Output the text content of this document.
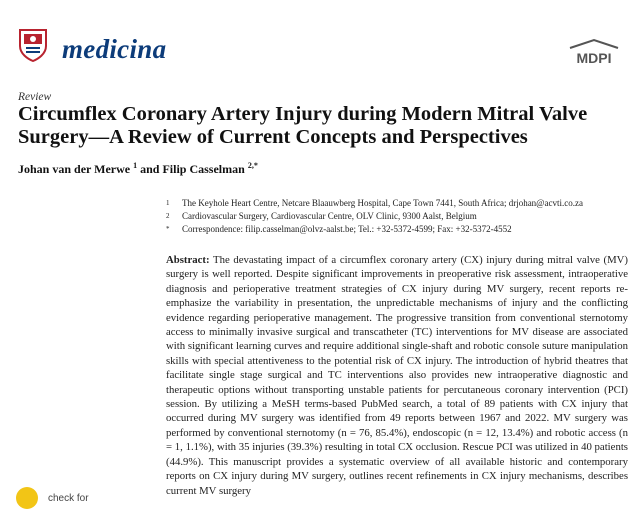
medicina	MDPI
Review
Circumflex Coronary Artery Injury during Modern Mitral Valve Surgery—A Review of Current Concepts and Perspectives
Johan van der Merwe $^1$ and Filip Casselman $^{2,*}$
1	The Keyhole Heart Centre, Netcare Blaauwberg Hospital, Cape Town 7441, South Africa; drjohan@acvti.co.za
2	Cardiovascular Surgery, Cardiovascular Centre, OLV Clinic, 9300 Aalst, Belgium
*	Correspondence: filip.casselman@olvz-aalst.be; Tel.: +32-5372-4599; Fax: +32-5372-4552

Abstract: The devastating impact of a circumflex coronary artery (CX) injury during mitral valve (MV) surgery is well reported. Despite significant improvements in preoperative risk assessment, intraoperative diagnosis and perioperative treatment strategies of CX injury during MV surgery, recent reports re-emphasize the variability in presentation, the unpredictable mechanisms of injury and the conflicting evidence regarding perioperative management. The progressive transition from conventional sternotomy access to minimally invasive surgical and transcatheter (TC) interventions for MV disease are associated with significant learning curves and require additional single-shaft and robotic console suture manipulation skills with special attentiveness to the potential risk of CX injury. The introduction of hybrid theatres that facilitate single stage surgical and TC interventions also provides new intraoperative diagnostic and therapeutic options without transporting unstable patients for percutaneous coronary intervention (PCI) session. By utilizing a MeSH terms-based PubMed search, a total of 89 patients with CX injury that occurred during MV surgery was identified from 49 reports between 1967 and 2022. MV surgery was performed by conventional sternotomy (n = 76, 85.4%), endoscopic (n = 12, 13.4%) and robotic access (n = 1, 1.1%), with 35 injuries (39.3%) resulting in total CX occlusion. Rescue PCI was utilized in 40 patients (44.9%). This manuscript provides a systematic overview of all available historic and contemporary reports on CX injury during MV surgery, outlines recent refinements in CX injury mechanisms, describes current MV surgery

check for
